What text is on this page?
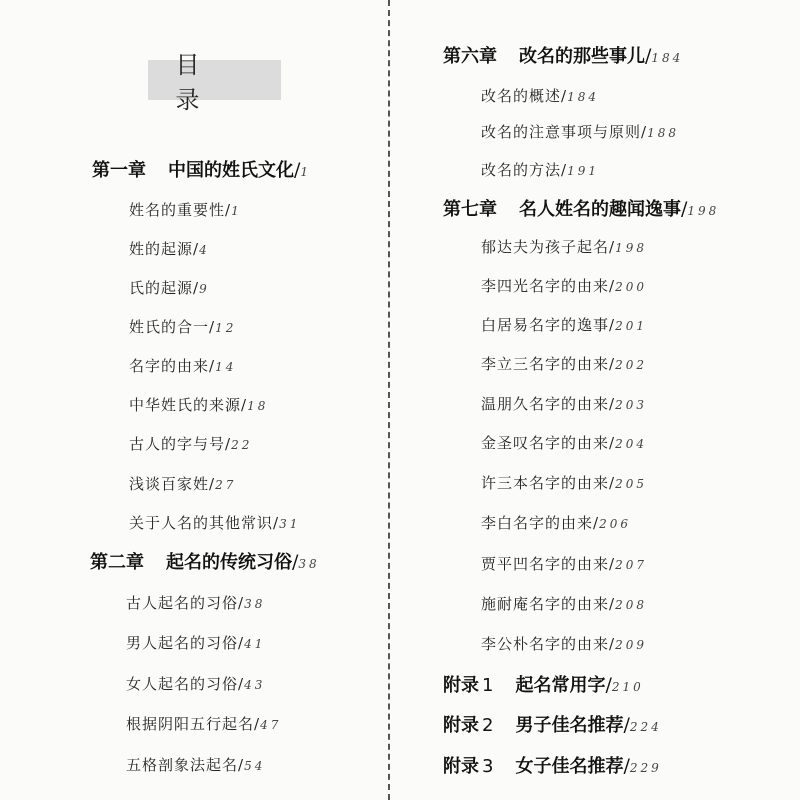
目　录
第一章 中国的姓氏文化/1
姓名的重要性/1
姓的起源/4
氏的起源/9
姓氏的合一/12
名字的由来/14
中华姓氏的来源/18
古人的字与号/22
浅谈百家姓/27
关于人名的其他常识/31
第二章 起名的传统习俗/38
古人起名的习俗/38
男人起名的习俗/41
女人起名的习俗/43
根据阴阳五行起名/47
五格剖象法起名/54
第六章 改名的那些事儿/184
改名的概述/184
改名的注意事项与原则/188
改名的方法/191
第七章 名人姓名的趣闻逸事/198
郁达夫为孩子起名/198
李四光名字的由来/200
白居易名字的逸事/201
李立三名字的由来/202
温朋久名字的由来/203
金圣叹名字的由来/204
许三本名字的由来/205
李白名字的由来/206
贾平凹名字的由来/207
施耐庵名字的由来/208
李公朴名字的由来/209
附录 1 起名常用字/210
附录 2 男子佳名推荐/224
附录 3 女子佳名推荐/229
